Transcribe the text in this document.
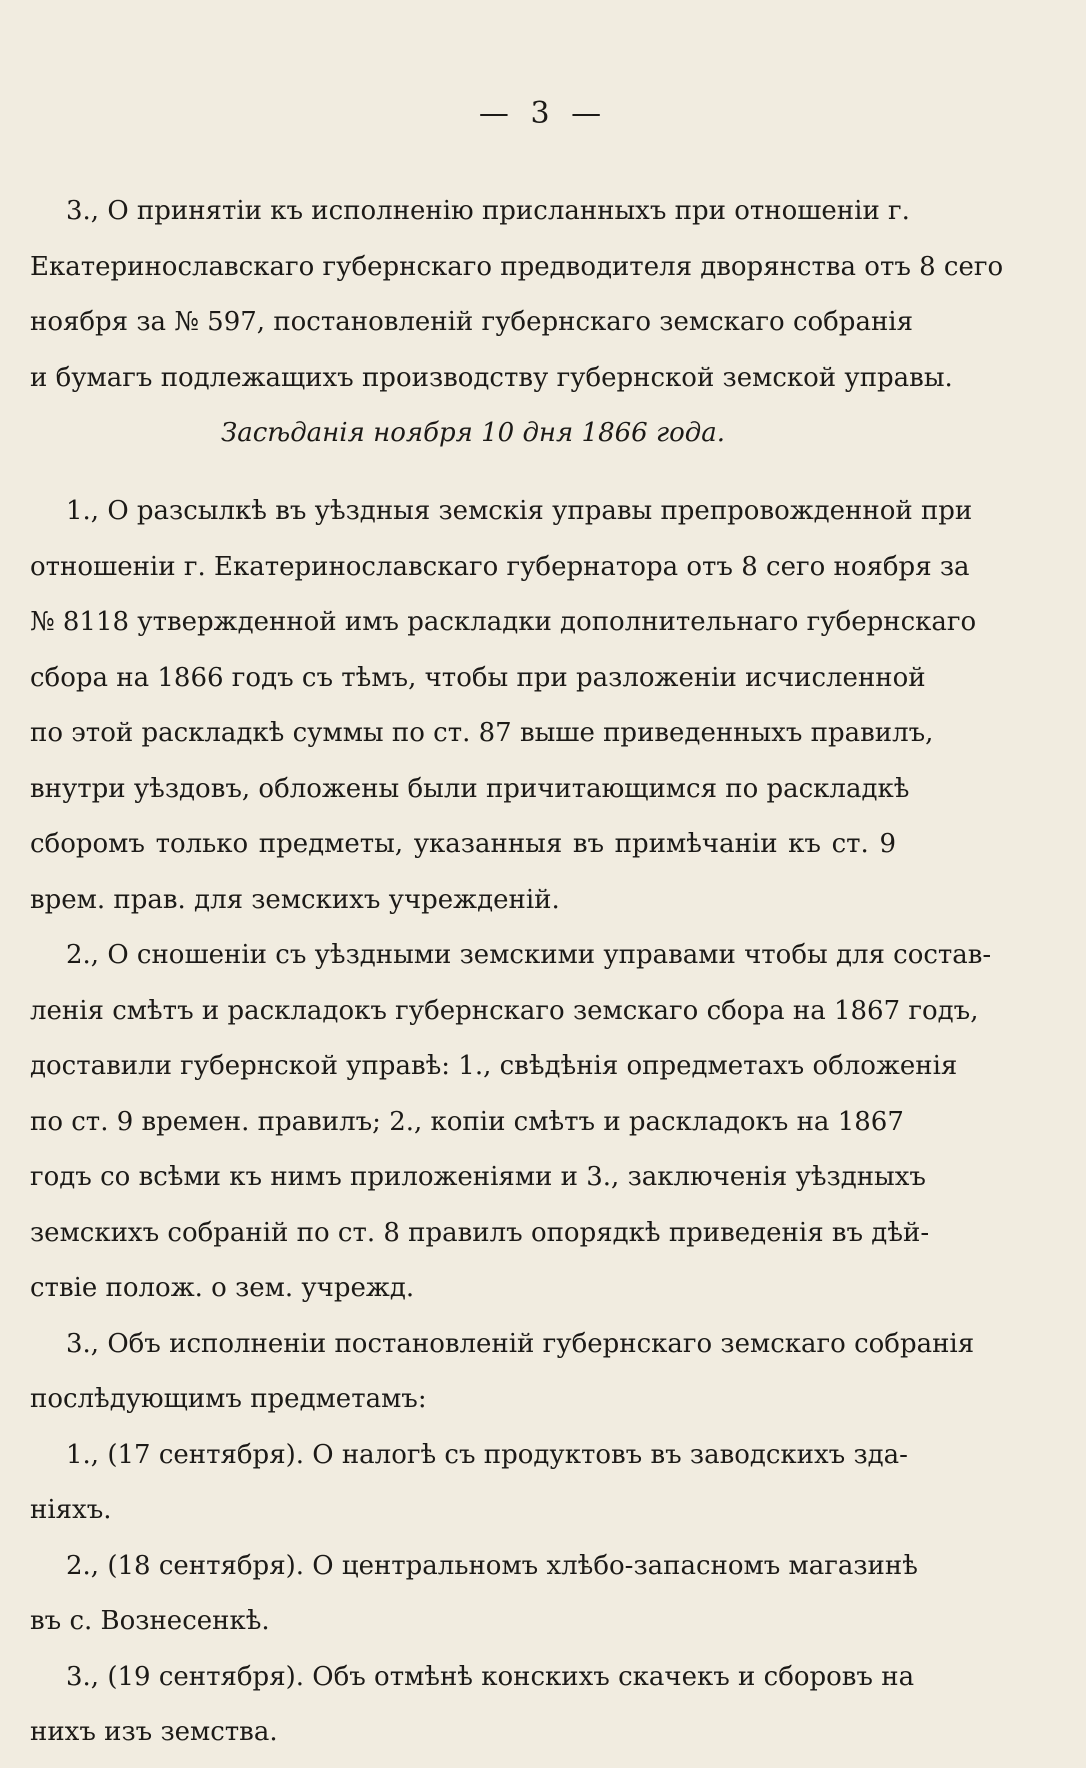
— 3 —
3., О принятіи къ исполненію присланныхъ при отношеніи г.
Екатеринославскаго губернскаго предводителя дворянства отъ 8 сего
ноября за № 597, постановленій губернскаго земскаго собранія
и бумагъ подлежащихъ производству губернской земской управы.
Засѣданія ноября 10 дня 1866 года.
1., О разсылкѣ въ уѣздныя земскія управы препровожденной при
отношеніи г. Екатеринославскаго губернатора отъ 8 сего ноября за
№ 8118 утвержденной имъ раскладки дополнительнаго губернскаго
сбора на 1866 годъ съ тѣмъ, чтобы при разложеніи исчисленной
по этой раскладкѣ суммы по ст. 87 выше приведенныхъ правилъ,
внутри уѣздовъ, обложены были причитающимся по раскладкѣ
сборомъ только предметы, указанныя въ примѣчаніи къ ст. 9
врем. прав. для земскихъ учрежденій.
2., О сношеніи съ уѣздными земскими управами чтобы для состав-
ленія смѣтъ и раскладокъ губернскаго земскаго сбора на 1867 годъ,
доставили губернской управѣ: 1., свѣдѣнія опредметахъ обложенія
по ст. 9 времен. правилъ; 2., копіи смѣтъ и раскладокъ на 1867
годъ со всѣми къ нимъ приложеніями и 3., заключенія уѣздныхъ
земскихъ собраній по ст. 8 правилъ опорядкѣ приведенія въ дѣй-
ствіе полож. о зем. учрежд.
3., Объ исполненіи постановленій губернскаго земскаго собранія
послѣдующимъ предметамъ:
1., (17 сентября). О налогѣ съ продуктовъ въ заводскихъ зда-
ніяхъ.
2., (18 сентября). О центральномъ хлѣбо-запасномъ магазинѣ
въ с. Вознесенкѣ.
3., (19 сентября). Объ отмѣнѣ конскихъ скачекъ и сборовъ на
нихъ изъ земства.
